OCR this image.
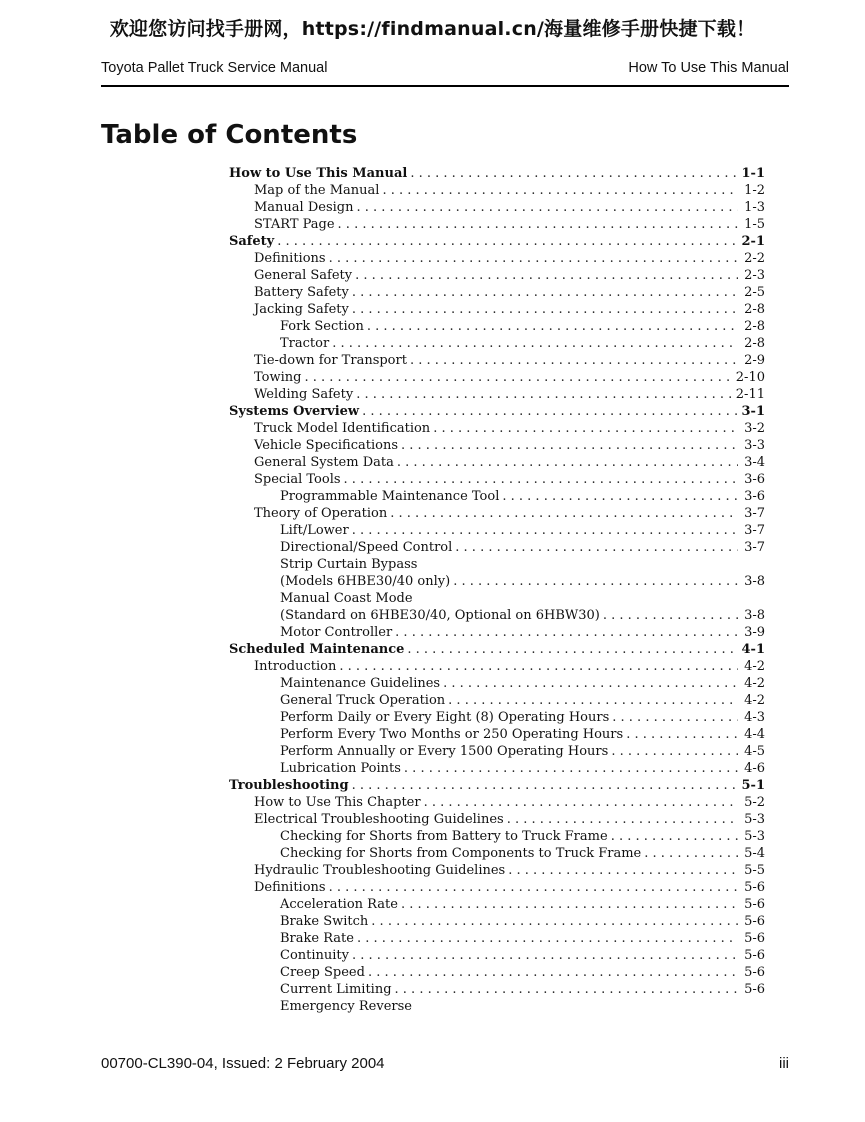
欢迎您访问找手册网，https://findmanual.cn/海量维修手册快捷下载！
Toyota Pallet Truck Service Manual	How To Use This Manual
Table of Contents
How to Use This Manual . . .	1-1
Map of the Manual . . .	1-2
Manual Design . . .	1-3
START Page . . .	1-5
Safety . . .	2-1
Definitions . . .	2-2
General Safety . . .	2-3
Battery Safety . . .	2-5
Jacking Safety . . .	2-8
Fork Section . . .	2-8
Tractor . . .	2-8
Tie-down for Transport . . .	2-9
Towing . . .	2-10
Welding Safety . . .	2-11
Systems Overview . . .	3-1
Truck Model Identification . . .	3-2
Vehicle Specifications . . .	3-3
General System Data . . .	3-4
Special Tools . . .	3-6
Programmable Maintenance Tool . . .	3-6
Theory of Operation . . .	3-7
Lift/Lower . . .	3-7
Directional/Speed Control . . .	3-7
Strip Curtain Bypass
(Models 6HBE30/40 only) . . .	3-8
Manual Coast Mode
(Standard on 6HBE30/40, Optional on 6HBW30) . . .	3-8
Motor Controller . . .	3-9
Scheduled Maintenance . . .	4-1
Introduction . . .	4-2
Maintenance Guidelines . . .	4-2
General Truck Operation . . .	4-2
Perform Daily or Every Eight (8) Operating Hours . . .	4-3
Perform Every Two Months or 250 Operating Hours . . .	4-4
Perform Annually or Every 1500 Operating Hours . . .	4-5
Lubrication Points . . .	4-6
Troubleshooting . . .	5-1
How to Use This Chapter . . .	5-2
Electrical Troubleshooting Guidelines . . .	5-3
Checking for Shorts from Battery to Truck Frame . . .	5-3
Checking for Shorts from Components to Truck Frame . . .	5-4
Hydraulic Troubleshooting Guidelines . . .	5-5
Definitions . . .	5-6
Acceleration Rate . . .	5-6
Brake Switch . . .	5-6
Brake Rate . . .	5-6
Continuity . . .	5-6
Creep Speed . . .	5-6
Current Limiting . . .	5-6
Emergency Reverse
00700-CL390-04, Issued: 2 February 2004	iii
